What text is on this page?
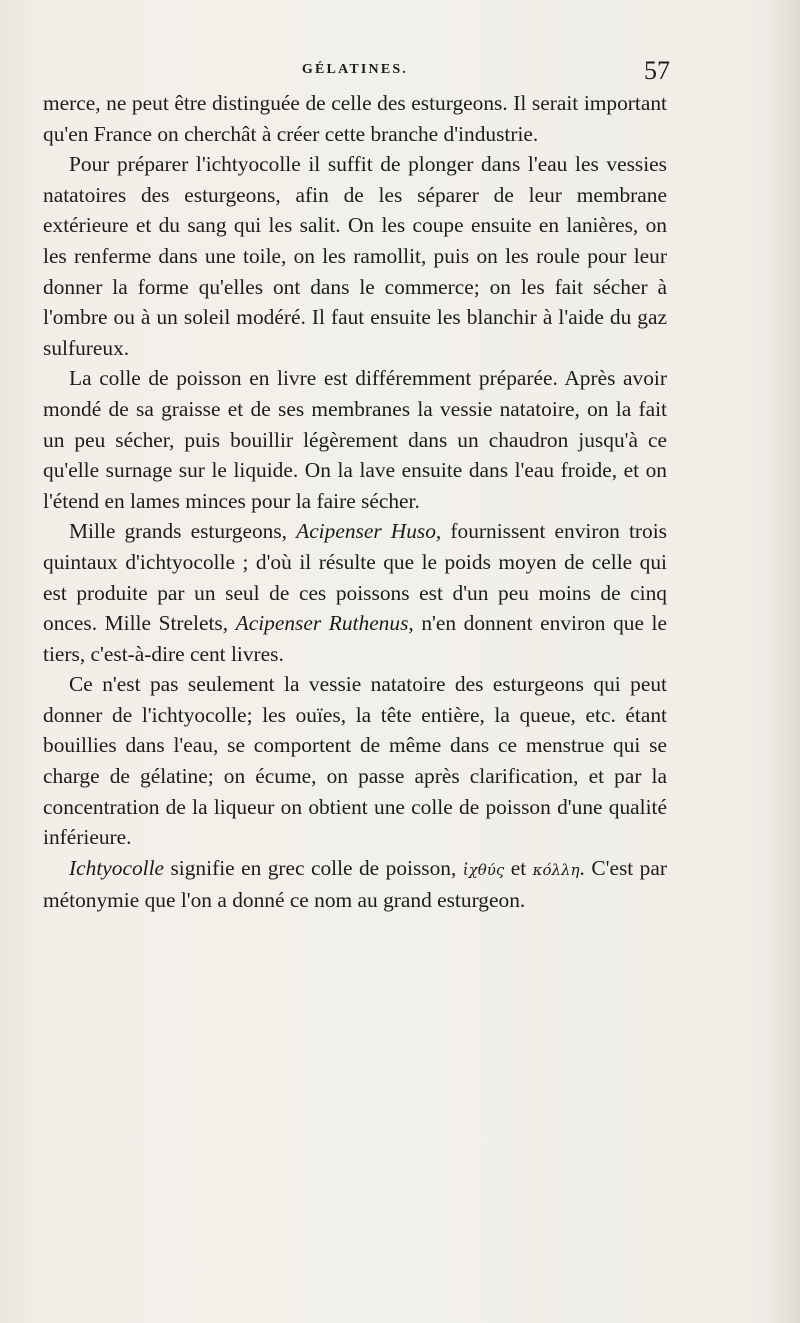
GÉLATINES.	57

merce, ne peut être distinguée de celle des esturgeons. Il serait important qu'en France on cherchât à créer cette branche d'industrie.

Pour préparer l'ichtyocolle il suffit de plonger dans l'eau les vessies natatoires des esturgeons, afin de les séparer de leur membrane extérieure et du sang qui les salit. On les coupe ensuite en lanières, on les renferme dans une toile, on les ramollit, puis on les roule pour leur donner la forme qu'elles ont dans le commerce; on les fait sécher à l'ombre ou à un soleil modéré. Il faut ensuite les blanchir à l'aide du gaz sulfureux.

La colle de poisson en livre est différemment préparée. Après avoir mondé de sa graisse et de ses membranes la vessie natatoire, on la fait un peu sécher, puis bouillir légèrement dans un chaudron jusqu'à ce qu'elle surnage sur le liquide. On la lave ensuite dans l'eau froide, et on l'étend en lames minces pour la faire sécher.

Mille grands esturgeons, Acipenser Huso, fournissent environ trois quintaux d'ichtyocolle ; d'où il résulte que le poids moyen de celle qui est produite par un seul de ces poissons est d'un peu moins de cinq onces. Mille Strelets, Acipenser Ruthenus, n'en donnent environ que le tiers, c'est-à-dire cent livres.

Ce n'est pas seulement la vessie natatoire des esturgeons qui peut donner de l'ichtyocolle; les ouïes, la tête entière, la queue, etc. étant bouillies dans l'eau, se comportent de même dans ce menstrue qui se charge de gélatine; on écume, on passe après clarification, et par la concentration de la liqueur on obtient une colle de poisson d'une qualité inférieure.

Ichtyocolle signifie en grec colle de poisson, ἰχθύς et κόλλη. C'est par métonymie que l'on a donné ce nom au grand esturgeon.
